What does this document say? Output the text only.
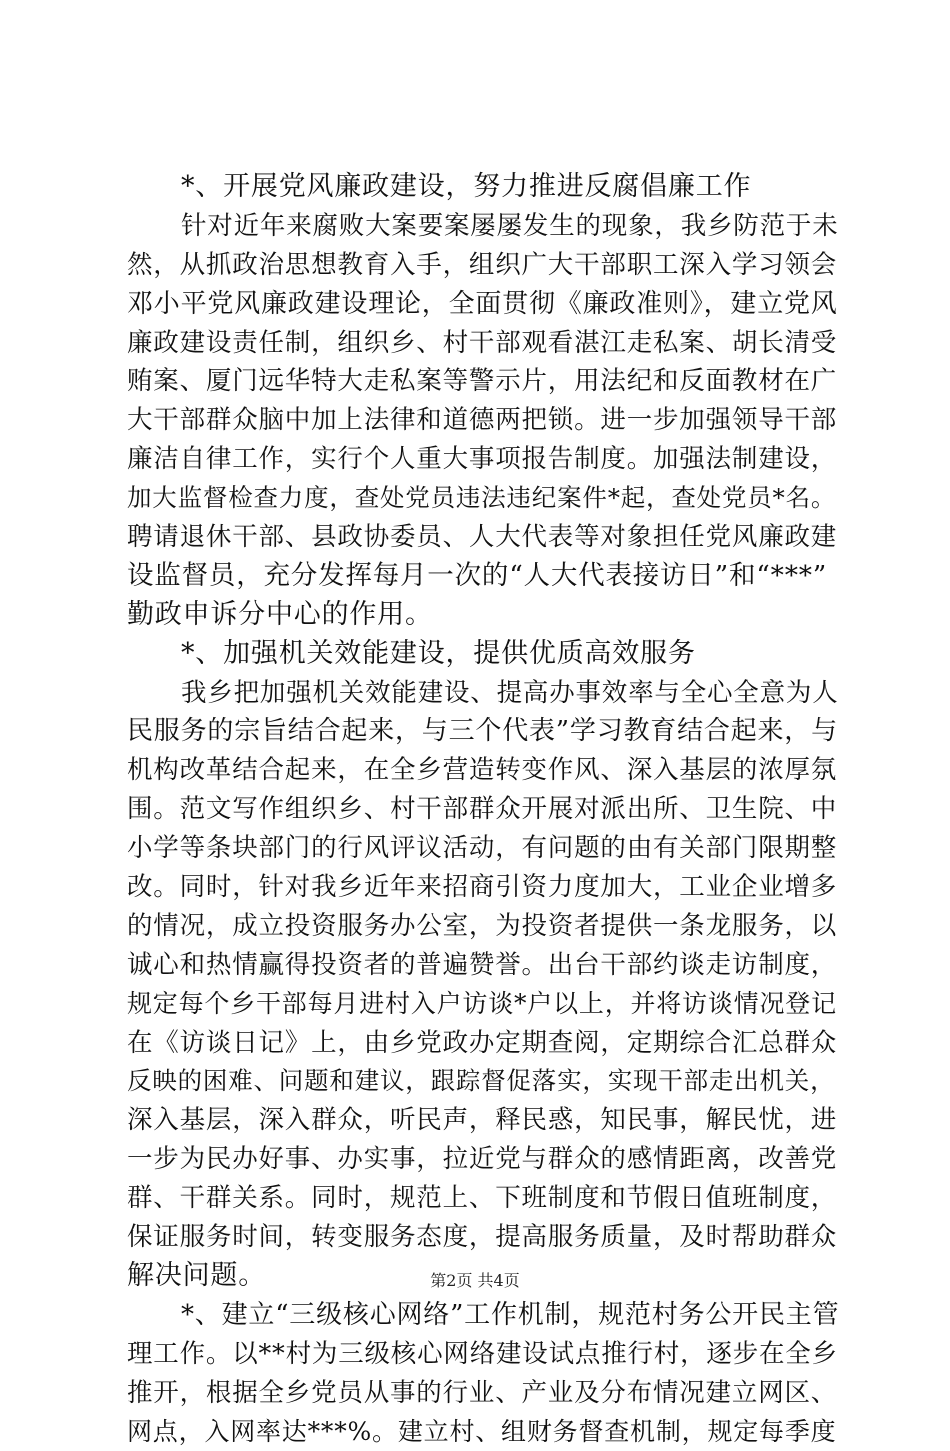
*、开展党风廉政建设，努力推进反腐倡廉工作
针对近年来腐败大案要案屡屡发生的现象，我乡防范于未
然，从抓政治思想教育入手，组织广大干部职工深入学习领会
邓小平党风廉政建设理论，全面贯彻《廉政准则》，建立党风
廉政建设责任制，组织乡、村干部观看湛江走私案、胡长清受
贿案、厦门远华特大走私案等警示片，用法纪和反面教材在广
大干部群众脑中加上法律和道德两把锁。进一步加强领导干部
廉洁自律工作，实行个人重大事项报告制度。加强法制建设，
加大监督检查力度，查处党员违法违纪案件*起，查处党员*名。
聘请退休干部、县政协委员、人大代表等对象担任党风廉政建
设监督员，充分发挥每月一次的“人大代表接访日”和“***”
勤政申诉分中心的作用。
*、加强机关效能建设，提供优质高效服务
我乡把加强机关效能建设、提高办事效率与全心全意为人
民服务的宗旨结合起来，与三个代表”学习教育结合起来，与
机构改革结合起来，在全乡营造转变作风、深入基层的浓厚氛
围。范文写作组织乡、村干部群众开展对派出所、卫生院、中
小学等条块部门的行风评议活动，有问题的由有关部门限期整
改。同时，针对我乡近年来招商引资力度加大，工业企业增多
的情况，成立投资服务办公室，为投资者提供一条龙服务，以
诚心和热情赢得投资者的普遍赞誉。出台干部约谈走访制度，
规定每个乡干部每月进村入户访谈*户以上，并将访谈情况登记
在《访谈日记》上，由乡党政办定期查阅，定期综合汇总群众
反映的困难、问题和建议，跟踪督促落实，实现干部走出机关，
深入基层，深入群众，听民声，释民惑，知民事，解民忧，进
一步为民办好事、办实事，拉近党与群众的感情距离，改善党
群、干群关系。同时，规范上、下班制度和节假日值班制度，
保证服务时间，转变服务态度，提高服务质量，及时帮助群众
解决问题。
*、建立“三级核心网络”工作机制，规范村务公开民主管
理工作。以**村为三级核心网络建设试点推行村，逐步在全乡
推开，根据全乡党员从事的行业、产业及分布情况建立网区、
网点，入网率达***%。建立村、组财务督查机制，规定每季度
第2页 共4页
